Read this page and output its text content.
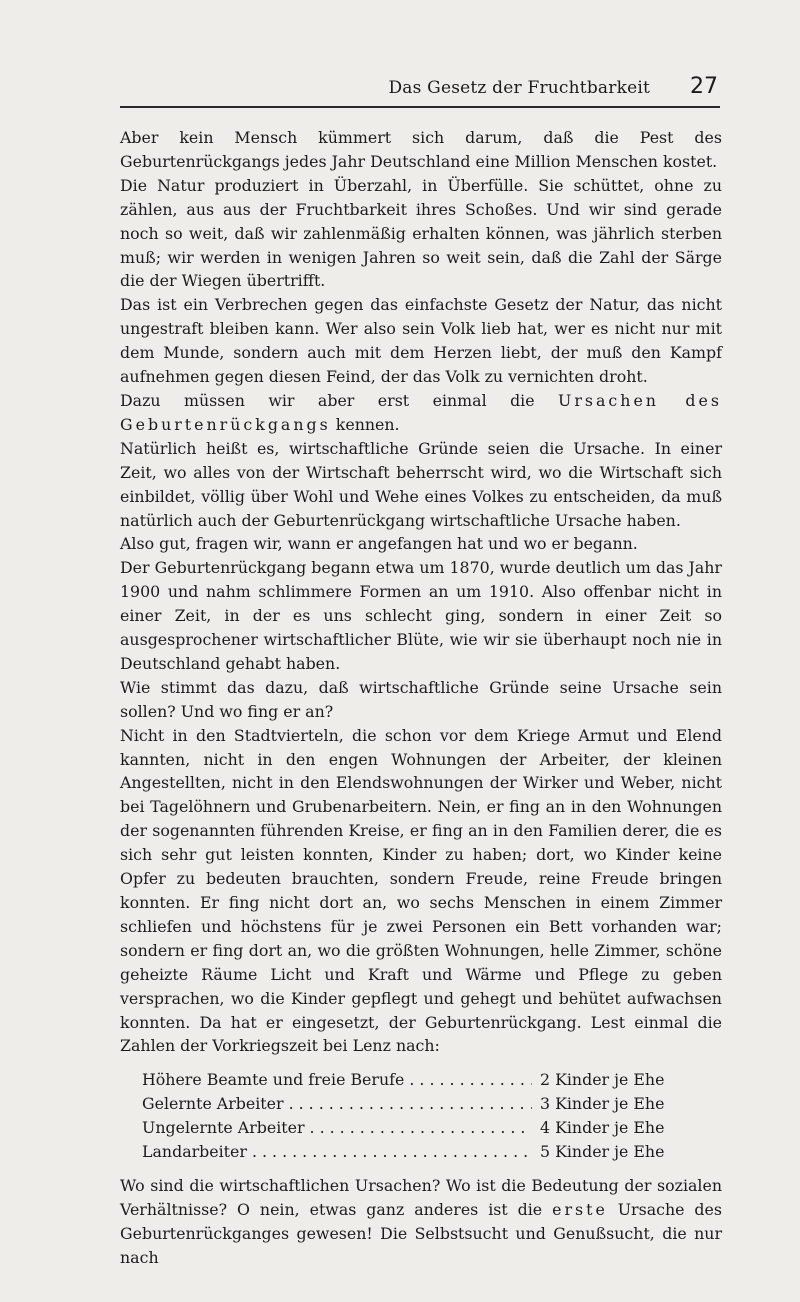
Das Gesetz der Fruchtbarkeit 27

Aber kein Mensch kümmert sich darum, daß die Pest des Geburtenrückgangs jedes Jahr Deutschland eine Million Menschen kostet.

Die Natur produziert in Überzahl, in Überfülle. Sie schüttet, ohne zu zählen, aus aus der Fruchtbarkeit ihres Schoßes. Und wir sind gerade noch so weit, daß wir zahlenmäßig erhalten können, was jährlich sterben muß; wir werden in wenigen Jahren so weit sein, daß die Zahl der Särge die der Wiegen übertrifft.

Das ist ein Verbrechen gegen das einfachste Gesetz der Natur, das nicht ungestraft bleiben kann. Wer also sein Volk lieb hat, wer es nicht nur mit dem Munde, sondern auch mit dem Herzen liebt, der muß den Kampf aufnehmen gegen diesen Feind, der das Volk zu vernichten droht.

Dazu müssen wir aber erst einmal die Ursachen des Geburtenrückgangs kennen.

Natürlich heißt es, wirtschaftliche Gründe seien die Ursache. In einer Zeit, wo alles von der Wirtschaft beherrscht wird, wo die Wirtschaft sich einbildet, völlig über Wohl und Wehe eines Volkes zu entscheiden, da muß natürlich auch der Geburtenrückgang wirtschaftliche Ursache haben.

Also gut, fragen wir, wann er angefangen hat und wo er begann.

Der Geburtenrückgang begann etwa um 1870, wurde deutlich um das Jahr 1900 und nahm schlimmere Formen an um 1910. Also offenbar nicht in einer Zeit, in der es uns schlecht ging, sondern in einer Zeit so ausgesprochener wirtschaftlicher Blüte, wie wir sie überhaupt noch nie in Deutschland gehabt haben.

Wie stimmt das dazu, daß wirtschaftliche Gründe seine Ursache sein sollen? Und wo fing er an?

Nicht in den Stadtvierteln, die schon vor dem Kriege Armut und Elend kannten, nicht in den engen Wohnungen der Arbeiter, der kleinen Angestellten, nicht in den Elendswohnungen der Wirker und Weber, nicht bei Tagelöhnern und Grubenarbeitern. Nein, er fing an in den Wohnungen der sogenannten führenden Kreise, er fing an in den Familien derer, die es sich sehr gut leisten konnten, Kinder zu haben; dort, wo Kinder keine Opfer zu bedeuten brauchten, sondern Freude, reine Freude bringen konnten. Er fing nicht dort an, wo sechs Menschen in einem Zimmer schliefen und höchstens für je zwei Personen ein Bett vorhanden war; sondern er fing dort an, wo die größten Wohnungen, helle Zimmer, schöne geheizte Räume Licht und Kraft und Wärme und Pflege zu geben versprachen, wo die Kinder gepflegt und gehegt und behütet aufwachsen konnten. Da hat er eingesetzt, der Geburtenrückgang. Lest einmal die Zahlen der Vorkriegszeit bei Lenz nach:

Höhere Beamte und freie Berufe . . .	2 Kinder je Ehe
Gelernte Arbeiter . . .	3 Kinder je Ehe
Ungelernte Arbeiter . . .	4 Kinder je Ehe
Landarbeiter . . .	5 Kinder je Ehe

Wo sind die wirtschaftlichen Ursachen? Wo ist die Bedeutung der sozialen Verhältnisse? O nein, etwas ganz anderes ist die erste Ursache des Geburtenrückganges gewesen! Die Selbstsucht und Genußsucht, die nur nach
